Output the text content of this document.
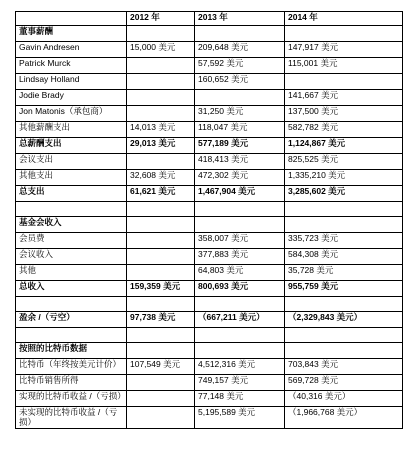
	2012 年	2013 年	2014 年
董事薪酬			
Gavin Andresen	15,000 美元	209,648 美元	147,917 美元
Patrick Murck		57,592 美元	115,001 美元
Lindsay Holland		160,652 美元	
Jodie Brady			141,667 美元
Jon Matonis（承包商）		31,250 美元	137,500 美元
其他薪酬支出	14,013 美元	118,047 美元	582,782 美元
总薪酬支出	29,013 美元	577,189 美元	1,124,867 美元
会议支出		418,413 美元	825,525 美元
其他支出	32,608 美元	472,302 美元	1,335,210 美元
总支出	61,621 美元	1,467,904 美元	3,285,602 美元

基金会收入			
会员费		358,007 美元	335,723 美元
会议收入		377,883 美元	584,308 美元
其他		64,803 美元	35,728 美元
总收入	159,359 美元	800,693 美元	955,759 美元

盈余 /（亏空）	97,738 美元	（667,211 美元）	（2,329,843 美元）

按照的比特币数据			
比特币（年终按美元计价）	107,549 美元	4,512,316 美元	703,843 美元
比特币销售所得		749,157 美元	569,728 美元
实现的比特币收益 /（亏损）		77,148 美元	（40,316 美元）
未实现的比特币收益 /（亏损）		5,195,589 美元	（1,966,768 美元）
